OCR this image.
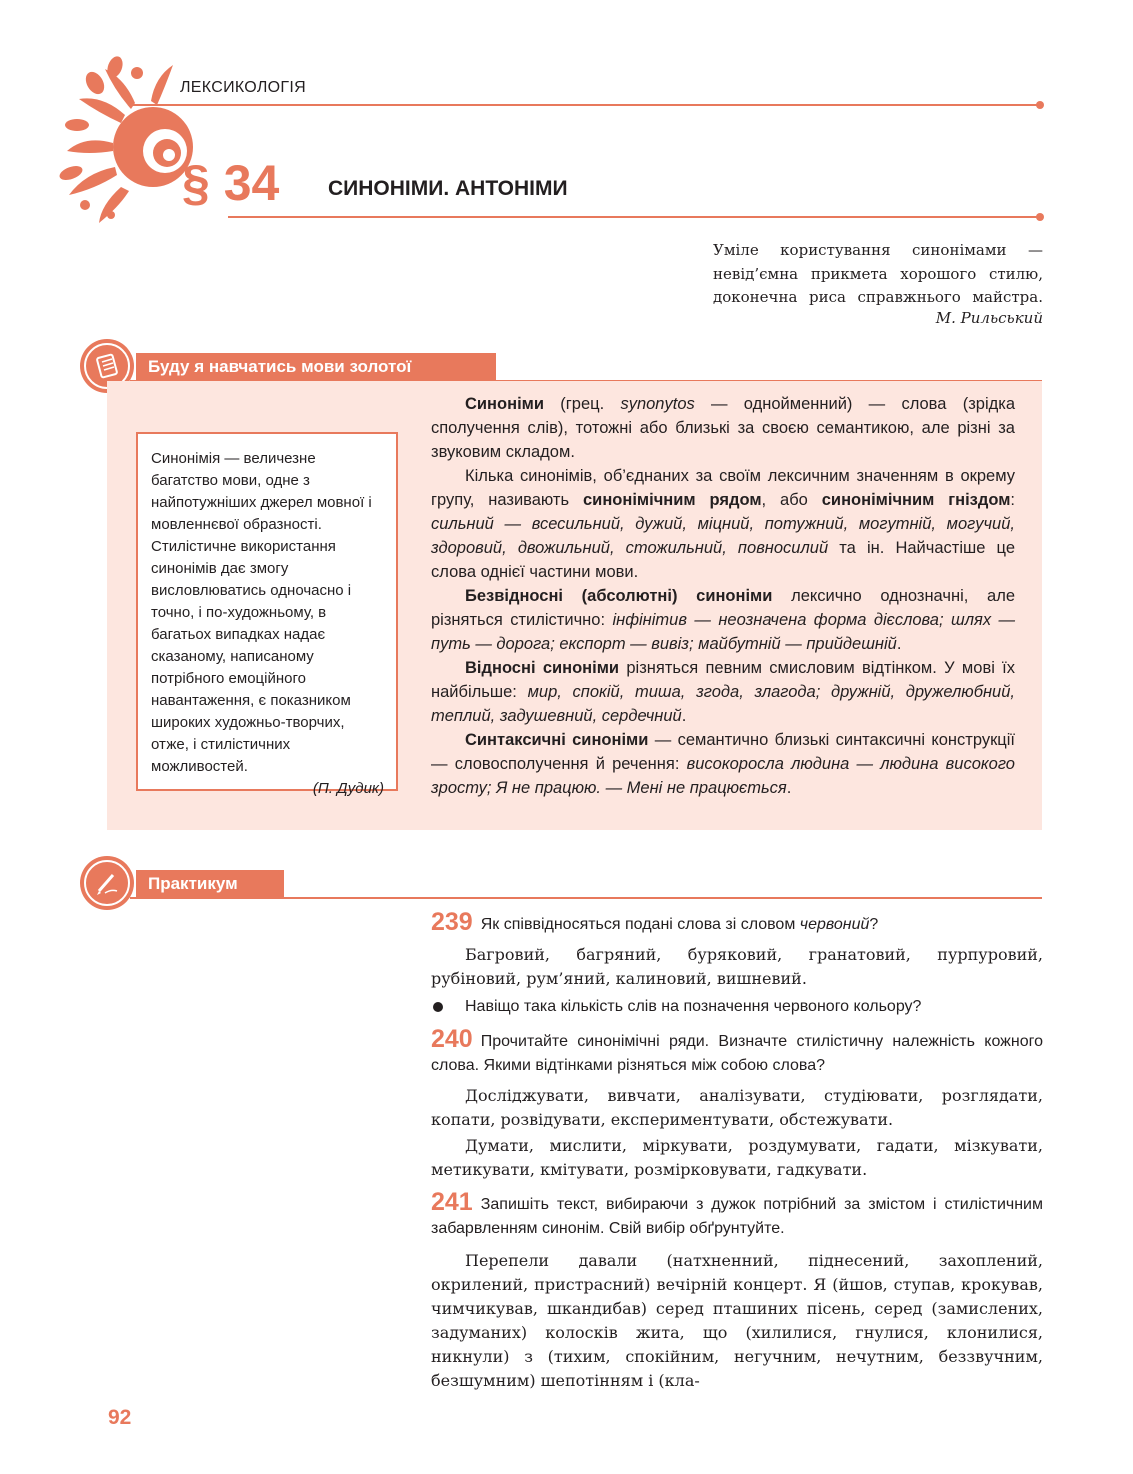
ЛЕКСИКОЛОГІЯ
§ 34 СИНОНІМИ. АНТОНІМИ
Уміле користування синонімами — невід’ємна прикмета хорошого стилю, доконечна риса справжнього майстра.
М. Рильський
Буду я навчатись мови золотої
Синонімія — величезне багатство мови, одне з найпотужніших джерел мовної і мовленнєвої образності. Стилістичне використання синонімів дає змогу висловлюватись одночасно і точно, і по-художньому, в багатьох випадках надає сказаному, написаному потрібного емоційного навантаження, є показником широких художньо-творчих, отже, і стилістичних можливостей.
(П. Дудик)

Синоніми (грец. synonytos — однойменний) — слова (зрідка сполучення слів), тотожні або близькі за своєю семантикою, але різні за звуковим складом.

Кілька синонімів, об’єднаних за своїм лексичним значенням в окрему групу, називають синонімічним рядом, або синонімічним гніздом: сильний — всесильний, дужий, міцний, потужний, могутній, могучий, здоровий, двожильний, стожильний, повносилий та ін. Найчастіше це слова однієї частини мови.

Безвідносні (абсолютні) синоніми лексично однозначні, але різняться стилістично: інфінітив — неозначена форма дієслова; шлях — путь — дорога; експорт — вивіз; майбутній — прийдешній.

Відносні синоніми різняться певним смисловим відтінком. У мові їх найбільше: мир, спокій, тиша, згода, злагода; дружній, дружелюбний, теплий, задушевний, сердечний.

Синтаксичні синоніми — семантично близькі синтаксичні конструкції — словосполучення й речення: високоросла людина — людина високого зросту; Я не працюю. — Мені не працюється.

Практикум
239 Як співвідносяться подані слова зі словом червоний?
Багровий, багряний, буряковий, гранатовий, пурпуровий, рубіновий, рум’яний, калиновий, вишневий.
Навіщо така кількість слів на позначення червоного кольору?
240 Прочитайте синонімічні ряди. Визначте стилістичну належність кожного слова. Якими відтінками різняться між собою слова?
Досліджувати, вивчати, аналізувати, студіювати, розглядати, копати, розвідувати, експериментувати, обстежувати.
Думати, мислити, міркувати, роздумувати, гадати, мізкувати, метикувати, кмітувати, розмірковувати, гадкувати.
241 Запишіть текст, вибираючи з дужок потрібний за змістом і стилістичним забарвленням синонім. Свій вибір обґрунтуйте.
Перепели давали (натхненний, піднесений, захоплений, окрилений, пристрасний) вечірній концерт. Я (йшов, ступав, крокував, чимчикував, шкандибав) серед пташиних пісень, серед (замислених, задуманих) колосків жита, що (хилилися, гнулися, клонилися, никнули) з (тихим, спокійним, негучним, нечутним, беззвучним, безшумним) шепотінням і (кла-
92
